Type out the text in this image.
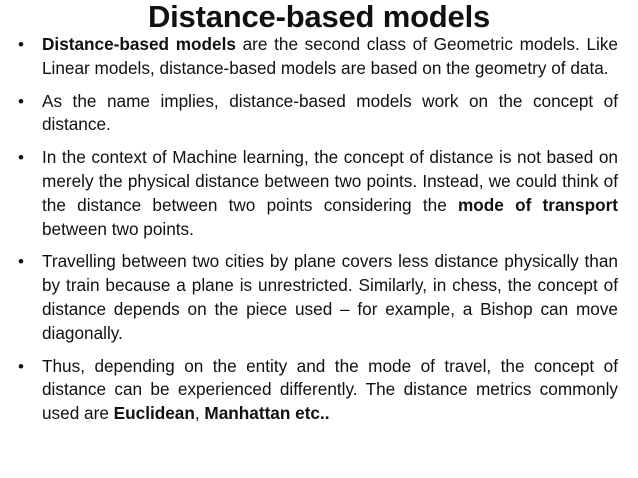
Distance-based models
• Distance-based models are the second class of Geometric models. Like Linear models, distance-based models are based on the geometry of data.
• As the name implies, distance-based models work on the concept of distance.
• In the context of Machine learning, the concept of distance is not based on merely the physical distance between two points. Instead, we could think of the distance between two points considering the mode of transport between two points.
• Travelling between two cities by plane covers less distance physically than by train because a plane is unrestricted. Similarly, in chess, the concept of distance depends on the piece used – for example, a Bishop can move diagonally.
• Thus, depending on the entity and the mode of travel, the concept of distance can be experienced differently. The distance metrics commonly used are Euclidean, Manhattan etc..
